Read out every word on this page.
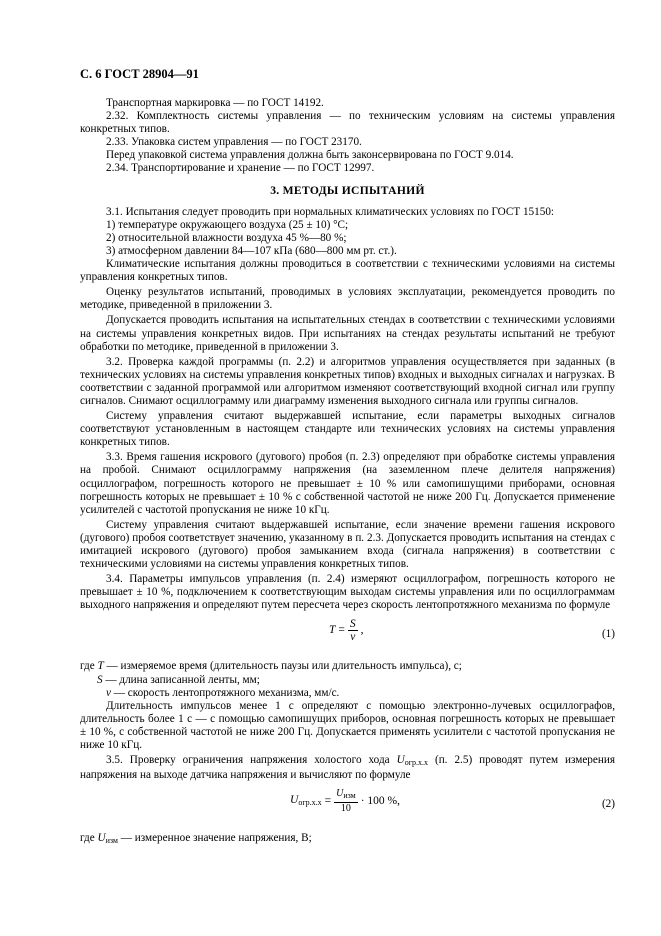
С. 6 ГОСТ 28904—91

Транспортная маркировка — по ГОСТ 14192.

2.32. Комплектность системы управления — по техническим условиям на системы управления конкретных типов.

2.33. Упаковка систем управления — по ГОСТ 23170.

Перед упаковкой система управления должна быть законсервирована по ГОСТ 9.014.

2.34. Транспортирование и хранение — по ГОСТ 12997.

3. МЕТОДЫ ИСПЫТАНИЙ

3.1. Испытания следует проводить при нормальных климатических условиях по ГОСТ 15150:

1) температуре окружающего воздуха (25 ± 10) °С;

2) относительной влажности воздуха 45 %—80 %;

3) атмосферном давлении 84—107 кПа (680—800 мм рт. ст.).

Климатические испытания должны проводиться в соответствии с техническими условиями на системы управления конкретных типов.

Оценку результатов испытаний, проводимых в условиях эксплуатации, рекомендуется проводить по методике, приведенной в приложении 3.

Допускается проводить испытания на испытательных стендах в соответствии с техническими условиями на системы управления конкретных видов. При испытаниях на стендах результаты испытаний не требуют обработки по методике, приведенной в приложении 3.

3.2. Проверка каждой программы (п. 2.2) и алгоритмов управления осуществляется при заданных (в технических условиях на системы управления конкретных типов) входных и выходных сигналах и нагрузках. В соответствии с заданной программой или алгоритмом изменяют соответствующий входной сигнал или группу сигналов. Снимают осциллограмму или диаграмму изменения выходного сигнала или группы сигналов.

Систему управления считают выдержавшей испытание, если параметры выходных сигналов соответствуют установленным в настоящем стандарте или технических условиях на системы управления конкретных типов.

3.3. Время гашения искрового (дугового) пробоя (п. 2.3) определяют при обработке системы управления на пробой. Снимают осциллограмму напряжения (на заземленном плече делителя напряжения) осциллографом, погрешность которого не превышает ± 10 % или самопишущими приборами, основная погрешность которых не превышает ± 10 % с собственной частотой не ниже 200 Гц. Допускается применение усилителей с частотой пропускания не ниже 10 кГц.

Систему управления считают выдержавшей испытание, если значение времени гашения искрового (дугового) пробоя соответствует значению, указанному в п. 2.3. Допускается проводить испытания на стендах с имитацией искрового (дугового) пробоя замыканием входа (сигнала напряжения) в соответствии с техническими условиями на системы управления конкретных типов.

3.4. Параметры импульсов управления (п. 2.4) измеряют осциллографом, погрешность которого не превышает ± 10 %, подключением к соответствующим выходам системы управления или по осциллограммам выходного напряжения и определяют путем пересчета через скорость лентопротяжного механизма по формуле

$T = \frac{S}{v}$ ,	(1)

где T — измеряемое время (длительность паузы или длительность импульса), с;

S — длина записанной ленты, мм;

v — скорость лентопротяжного механизма, мм/с.

Длительность импульсов менее 1 с определяют с помощью электронно-лучевых осциллографов, длительность более 1 с — с помощью самопишущих приборов, основная погрешность которых не превышает ± 10 %, с собственной частотой не ниже 200 Гц. Допускается применять усилители с частотой пропускания не ниже 10 кГц.

3.5. Проверку ограничения напряжения холостого хода Uогр.х.х (п. 2.5) проводят путем измерения напряжения на выходе датчика напряжения и вычисляют по формуле

$U_{огр.х.х} = \frac{U_{изм}}{10} \cdot 100$ %,	(2)

где Uизм — измеренное значение напряжения, В;
